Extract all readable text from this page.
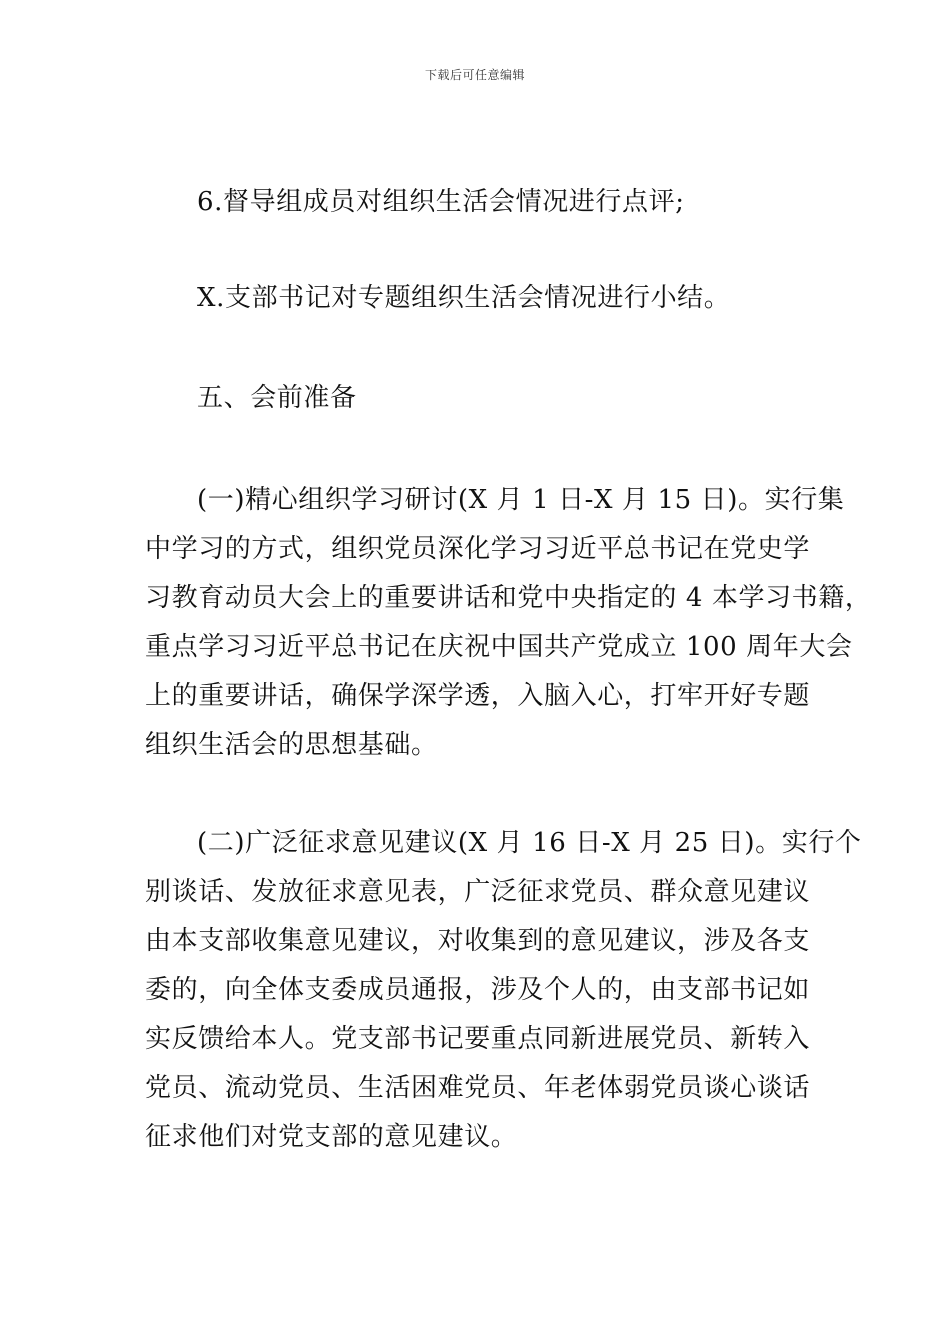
下载后可任意编辑

6.督导组成员对组织生活会情况进行点评;

X.支部书记对专题组织生活会情况进行小结。

五、会前准备

(一)精心组织学习研讨(X 月 1 日-X 月 15 日)。实行集
中学习的方式，组织党员深化学习习近平总书记在党史学
习教育动员大会上的重要讲话和党中央指定的 4 本学习书籍，
重点学习习近平总书记在庆祝中国共产党成立 100 周年大会
上的重要讲话，确保学深学透，入脑入心，打牢开好专题
组织生活会的思想基础。

(二)广泛征求意见建议(X 月 16 日-X 月 25 日)。实行个
别谈话、发放征求意见表，广泛征求党员、群众意见建议
由本支部收集意见建议，对收集到的意见建议，涉及各支
委的，向全体支委成员通报，涉及个人的，由支部书记如
实反馈给本人。党支部书记要重点同新进展党员、新转入
党员、流动党员、生活困难党员、年老体弱党员谈心谈话
征求他们对党支部的意见建议。
